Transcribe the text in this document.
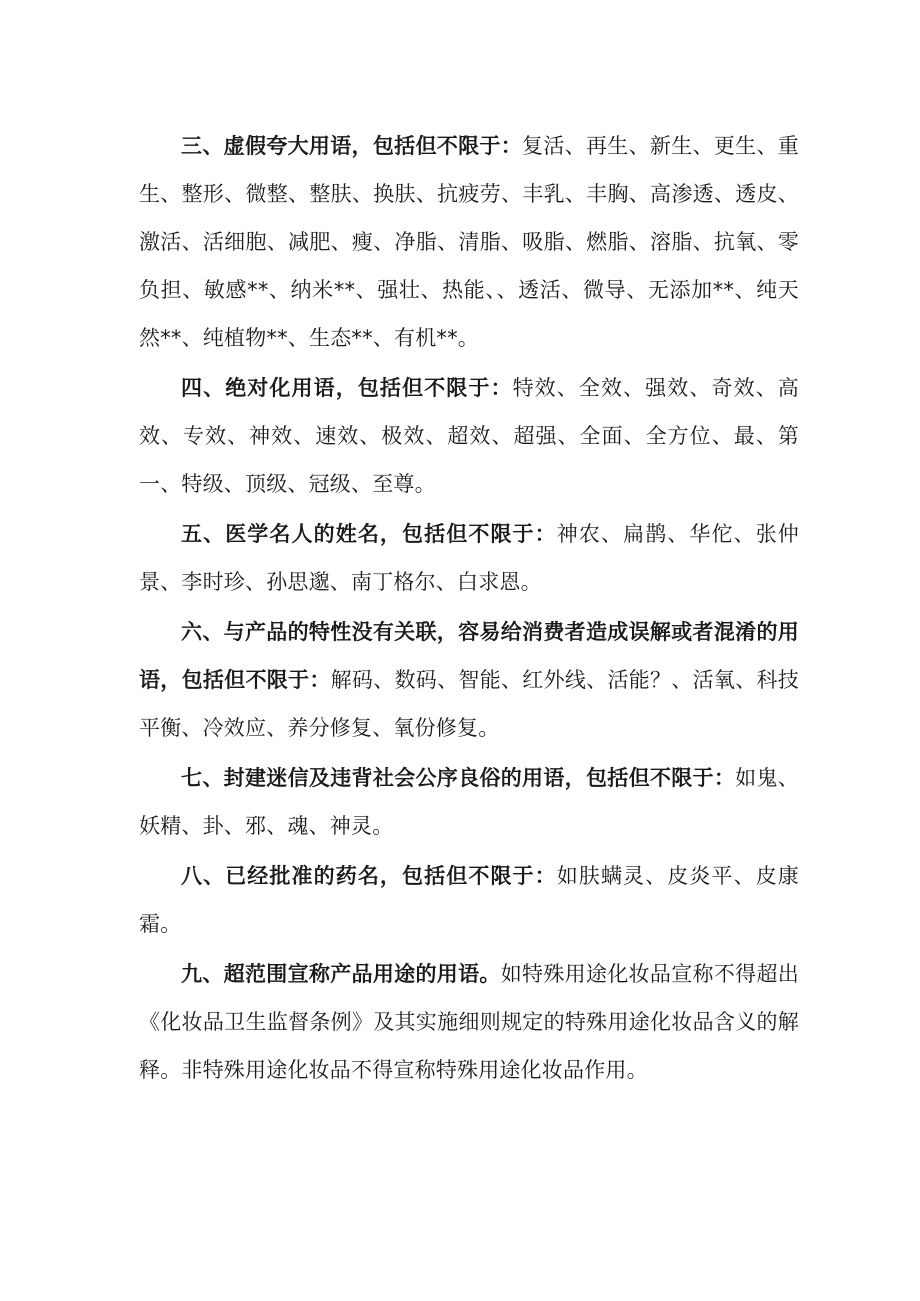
三、虚假夸大用语，包括但不限于：复活、再生、新生、更生、重生、整形、微整、整肤、换肤、抗疲劳、丰乳、丰胸、高渗透、透皮、激活、活细胞、减肥、瘦、净脂、清脂、吸脂、燃脂、溶脂、抗氧、零负担、敏感**、纳米**、强壮、热能、、透活、微导、无添加**、纯天然**、纯植物**、生态**、有机**。

四、绝对化用语，包括但不限于：特效、全效、强效、奇效、高效、专效、神效、速效、极效、超效、超强、全面、全方位、最、第一、特级、顶级、冠级、至尊。

五、医学名人的姓名，包括但不限于：神农、扁鹊、华佗、张仲景、李时珍、孙思邈、南丁格尔、白求恩。

六、与产品的特性没有关联，容易给消费者造成误解或者混淆的用语，包括但不限于：解码、数码、智能、红外线、活能？、活氧、科技平衡、冷效应、养分修复、氧份修复。

七、封建迷信及违背社会公序良俗的用语，包括但不限于：如鬼、妖精、卦、邪、魂、神灵。

八、已经批准的药名，包括但不限于：如肤螨灵、皮炎平、皮康霜。

九、超范围宣称产品用途的用语。如特殊用途化妆品宣称不得超出《化妆品卫生监督条例》及其实施细则规定的特殊用途化妆品含义的解释。非特殊用途化妆品不得宣称特殊用途化妆品作用。
